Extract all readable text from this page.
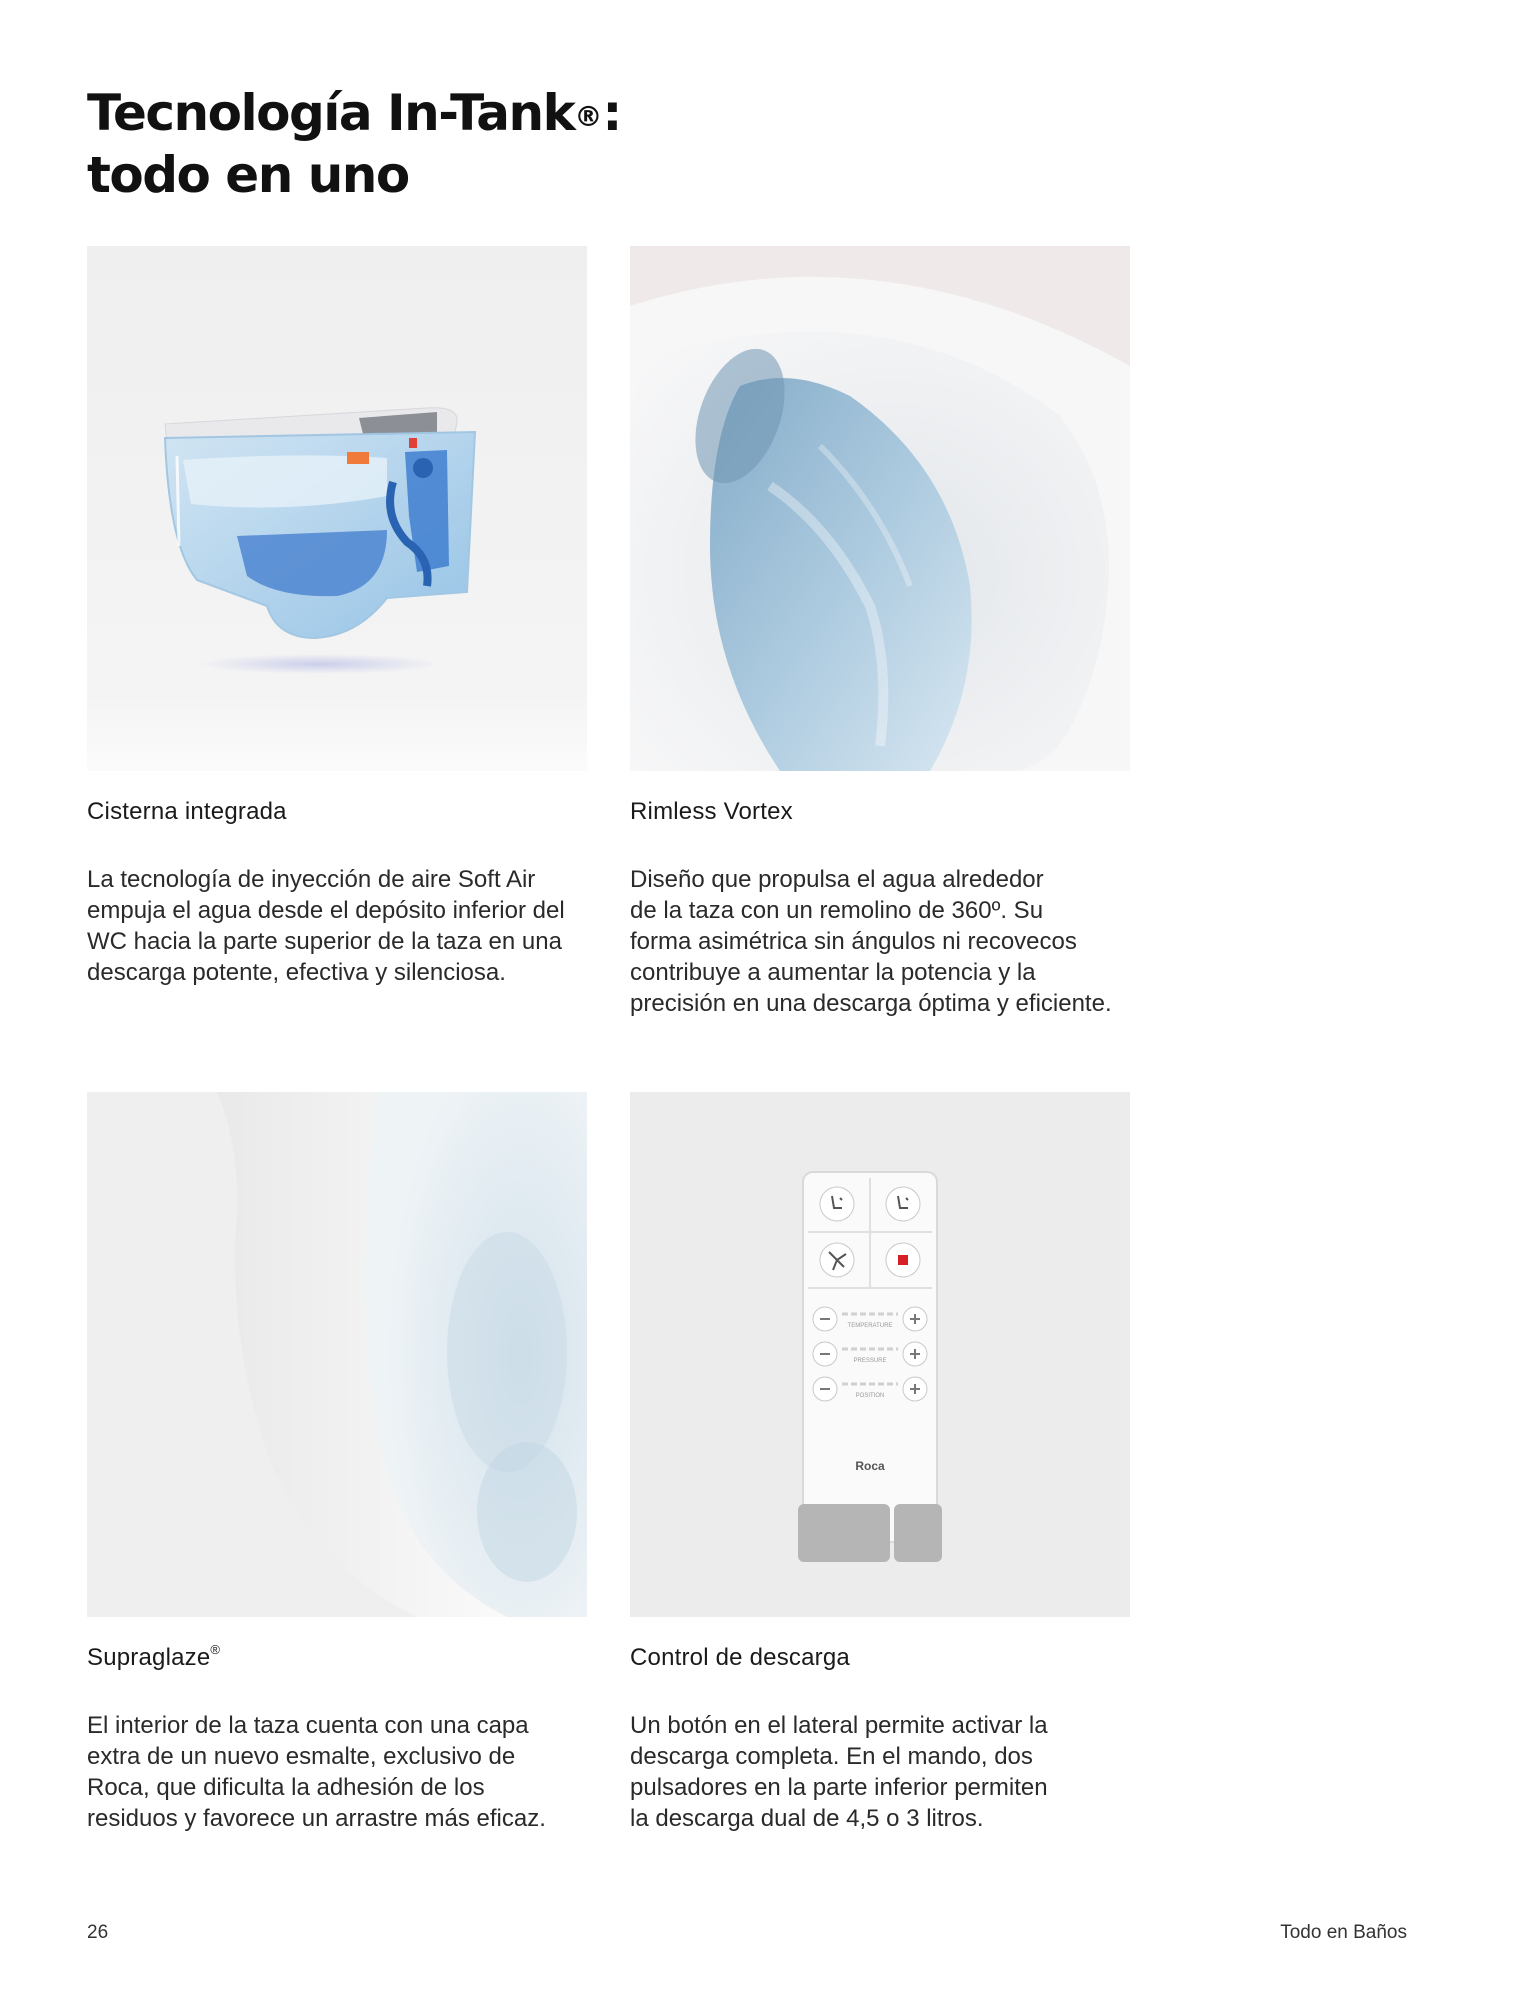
Tecnología In-Tank®:
todo en uno
Cisterna integrada

La tecnología de inyección de aire Soft Air
empuja el agua desde el depósito inferior del
WC hacia la parte superior de la taza en una
descarga potente, efectiva y silenciosa.

Rimless Vortex

Diseño que propulsa el agua alrededor
de la taza con un remolino de 360º. Su
forma asimétrica sin ángulos ni recovecos
contribuye a aumentar la potencia y la
precisión en una descarga óptima y eficiente.

Supraglaze®

El interior de la taza cuenta con una capa
extra de un nuevo esmalte, exclusivo de
Roca, que dificulta la adhesión de los
residuos y favorece un arrastre más eficaz.

TEMPERATURE
PRESSURE
POSITION
Roca
Control de descarga

Un botón en el lateral permite activar la
descarga completa. En el mando, dos
pulsadores en la parte inferior permiten
la descarga dual de 4,5 o 3 litros.

26	Todo en Baños
